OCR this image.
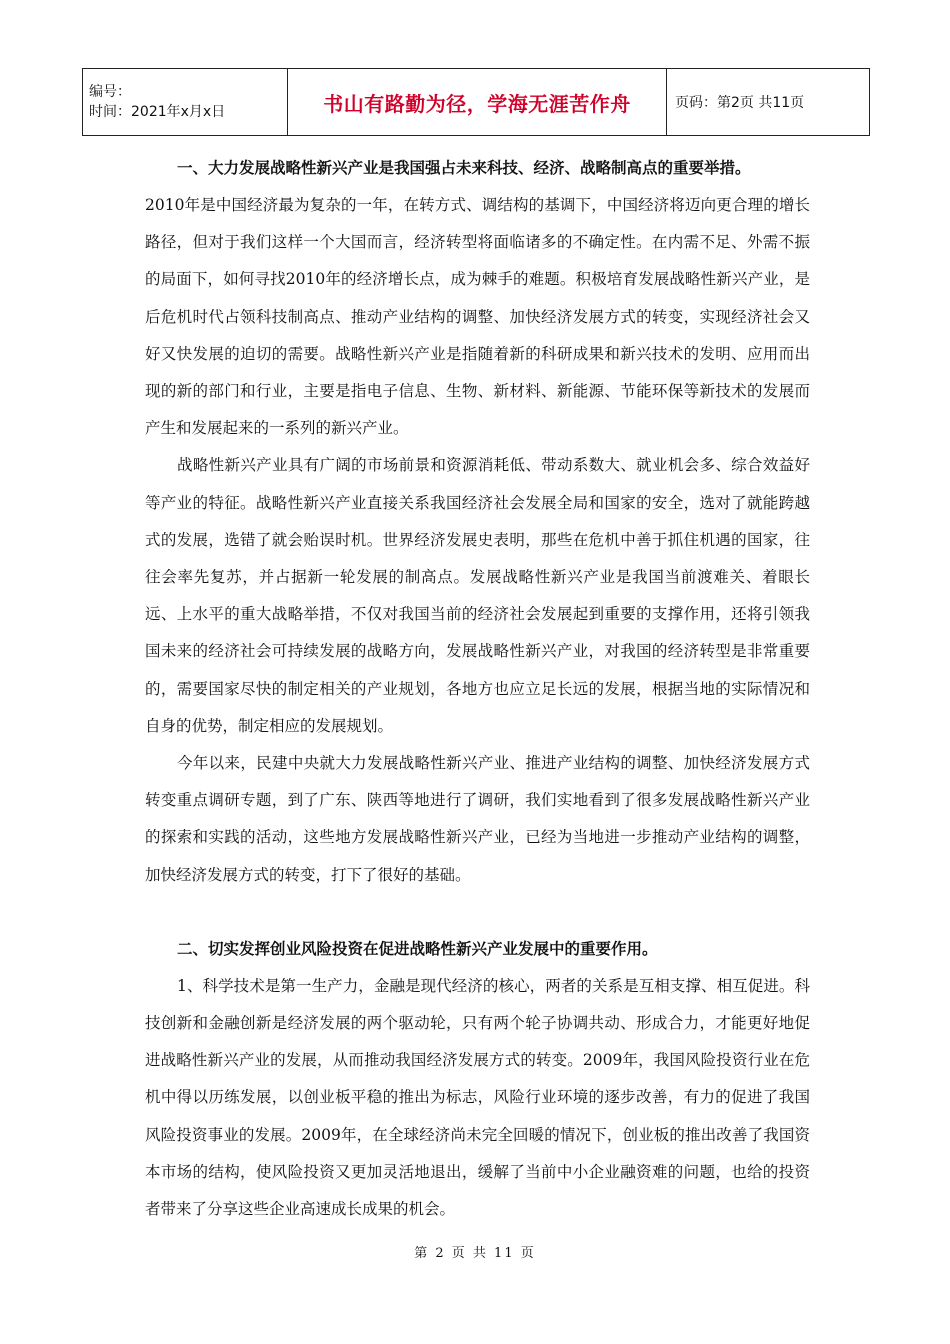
编号：
时间：2021年x月x日	书山有路勤为径，学海无涯苦作舟	页码：第2页 共11页

一、大力发展战略性新兴产业是我国强占未来科技、经济、战略制高点的重要举措。

2010年是中国经济最为复杂的一年，在转方式、调结构的基调下，中国经济将迈向更合理的增长路径，但对于我们这样一个大国而言，经济转型将面临诸多的不确定性。在内需不足、外需不振的局面下，如何寻找2010年的经济增长点，成为棘手的难题。积极培育发展战略性新兴产业，是后危机时代占领科技制高点、推动产业结构的调整、加快经济发展方式的转变，实现经济社会又好又快发展的迫切的需要。战略性新兴产业是指随着新的科研成果和新兴技术的发明、应用而出现的新的部门和行业，主要是指电子信息、生物、新材料、新能源、节能环保等新技术的发展而产生和发展起来的一系列的新兴产业。

战略性新兴产业具有广阔的市场前景和资源消耗低、带动系数大、就业机会多、综合效益好等产业的特征。战略性新兴产业直接关系我国经济社会发展全局和国家的安全，选对了就能跨越式的发展，选错了就会贻误时机。世界经济发展史表明，那些在危机中善于抓住机遇的国家，往往会率先复苏，并占据新一轮发展的制高点。发展战略性新兴产业是我国当前渡难关、着眼长远、上水平的重大战略举措，不仅对我国当前的经济社会发展起到重要的支撑作用，还将引领我国未来的经济社会可持续发展的战略方向，发展战略性新兴产业，对我国的经济转型是非常重要的，需要国家尽快的制定相关的产业规划，各地方也应立足长远的发展，根据当地的实际情况和自身的优势，制定相应的发展规划。

今年以来，民建中央就大力发展战略性新兴产业、推进产业结构的调整、加快经济发展方式转变重点调研专题，到了广东、陕西等地进行了调研，我们实地看到了很多发展战略性新兴产业的探索和实践的活动，这些地方发展战略性新兴产业，已经为当地进一步推动产业结构的调整，加快经济发展方式的转变，打下了很好的基础。

二、切实发挥创业风险投资在促进战略性新兴产业发展中的重要作用。

1、科学技术是第一生产力，金融是现代经济的核心，两者的关系是互相支撑、相互促进。科技创新和金融创新是经济发展的两个驱动轮，只有两个轮子协调共动、形成合力，才能更好地促进战略性新兴产业的发展，从而推动我国经济发展方式的转变。2009年，我国风险投资行业在危机中得以历练发展，以创业板平稳的推出为标志，风险行业环境的逐步改善，有力的促进了我国风险投资事业的发展。2009年，在全球经济尚未完全回暖的情况下，创业板的推出改善了我国资本市场的结构，使风险投资又更加灵活地退出，缓解了当前中小企业融资难的问题，也给的投资者带来了分享这些企业高速成长成果的机会。

第 2 页 共 11 页
